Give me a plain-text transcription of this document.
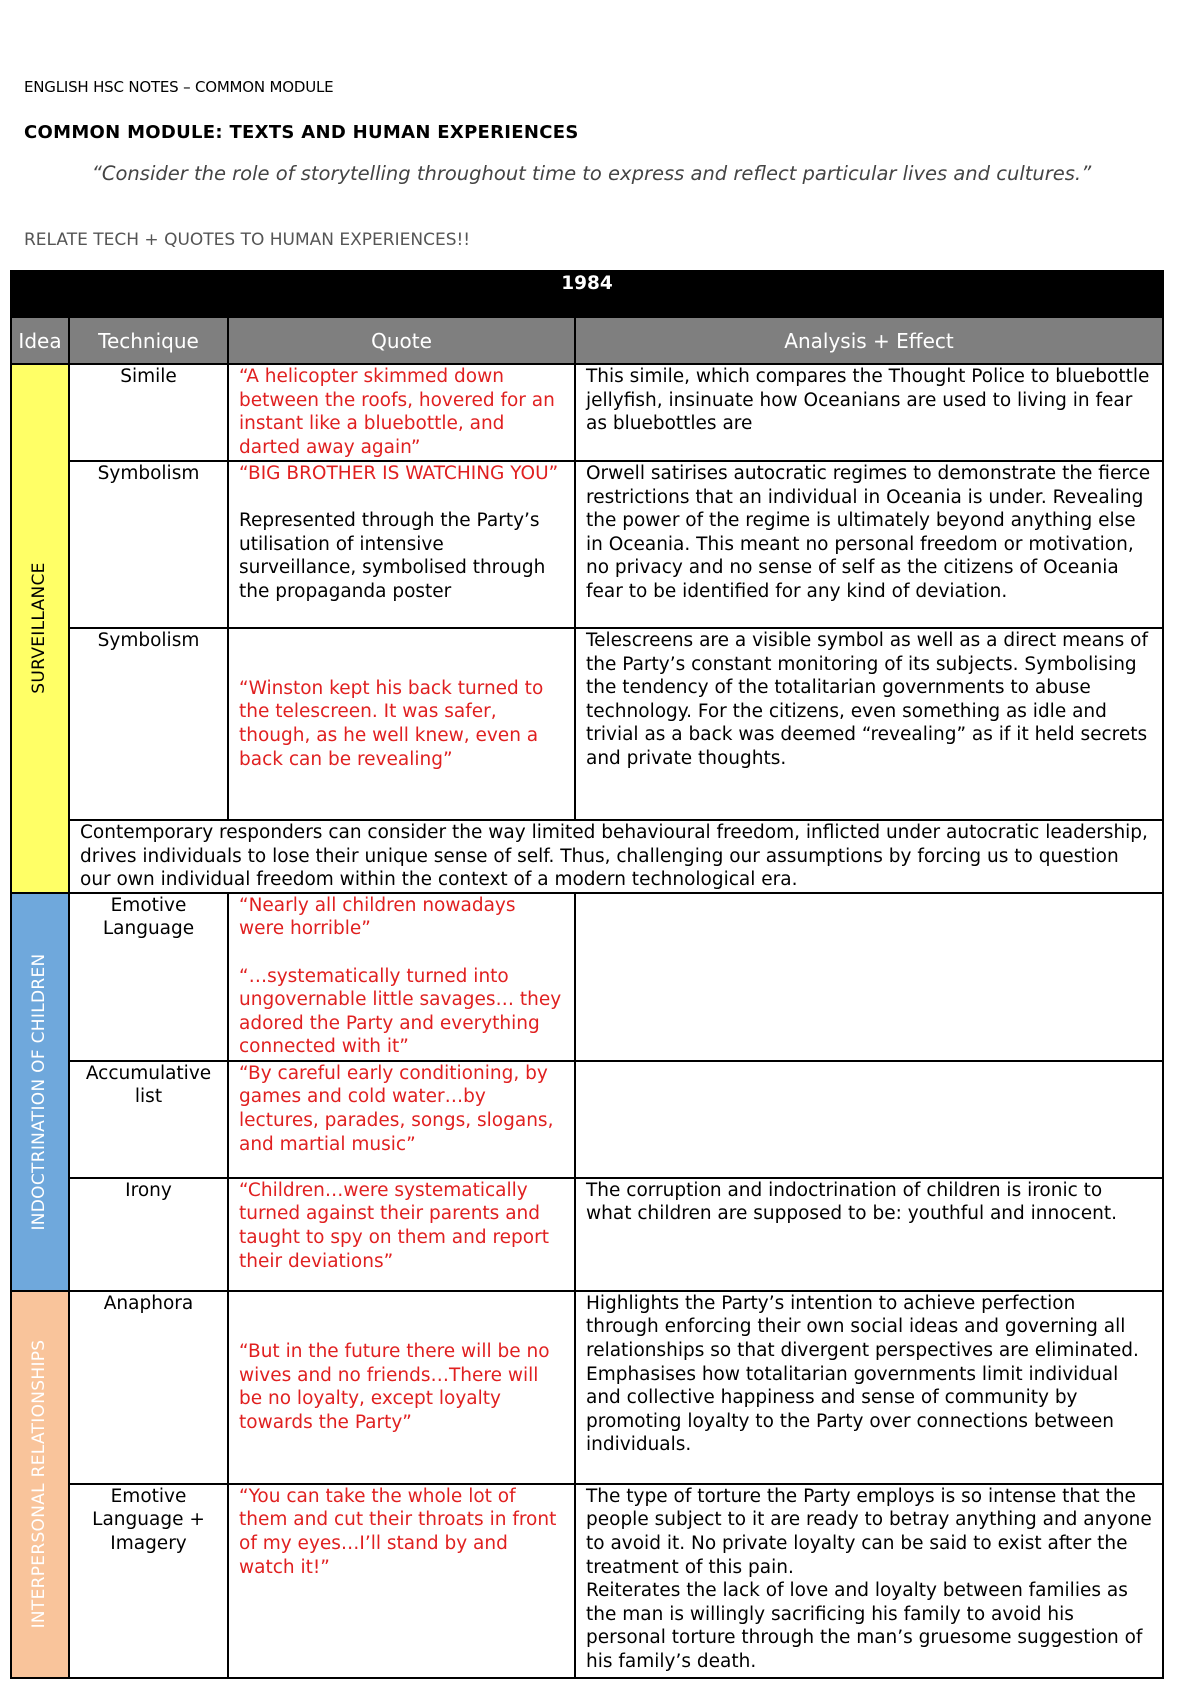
ENGLISH HSC NOTES – COMMON MODULE
COMMON MODULE: TEXTS AND HUMAN EXPERIENCES
“Consider the role of storytelling throughout time to express and reflect particular lives and cultures.”
RELATE TECH + QUOTES TO HUMAN EXPERIENCES!!
1984			
Idea	Technique	Quote	Analysis + Effect

SURVEILLANCE	Simile	“A helicopter skimmed down between the roofs, hovered for an instant like a bluebottle, and darted away again”	This simile, which compares the Thought Police to bluebottle jellyfish, insinuate how Oceanians are used to living in fear as bluebottles are
	Symbolism	“BIG BROTHER IS WATCHING YOU”
Represented through the Party’s utilisation of intensive surveillance, symbolised through the propaganda poster	Orwell satirises autocratic regimes to demonstrate the fierce restrictions that an individual in Oceania is under. Revealing the power of the regime is ultimately beyond anything else in Oceania. This meant no personal freedom or motivation, no privacy and no sense of self as the citizens of Oceania fear to be identified for any kind of deviation.
	Symbolism	“Winston kept his back turned to the telescreen. It was safer, though, as he well knew, even a back can be revealing”	Telescreens are a visible symbol as well as a direct means of the Party’s constant monitoring of its subjects. Symbolising the tendency of the totalitarian governments to abuse technology. For the citizens, even something as idle and trivial as a back was deemed “revealing” as if it held secrets and private thoughts.
	Contemporary responders can consider the way limited behavioural freedom, inflicted under autocratic leadership, drives individuals to lose their unique sense of self. Thus, challenging our assumptions by forcing us to question our own individual freedom within the context of a modern technological era.		

INDOCTRINATION OF CHILDREN	Emotive Language	“Nearly all children nowadays were horrible”
“…systematically turned into ungovernable little savages… they adored the Party and everything connected with it”	

	Accumulative list	“By careful early conditioning, by games and cold water…by lectures, parades, songs, slogans, and martial music”	
	Irony	“Children…were systematically turned against their parents and taught to spy on them and report their deviations”	The corruption and indoctrination of children is ironic to what children are supposed to be: youthful and innocent.

INTERPERSONAL RELATIONSHIPS	Anaphora	“But in the future there will be no wives and no friends…There will be no loyalty, except loyalty towards the Party”	Highlights the Party’s intention to achieve perfection through enforcing their own social ideas and governing all relationships so that divergent perspectives are eliminated.
Emphasises how totalitarian governments limit individual and collective happiness and sense of community by promoting loyalty to the Party over connections between individuals.

	Emotive Language + Imagery	“You can take the whole lot of them and cut their throats in front of my eyes…I’ll stand by and watch it!”	The type of torture the Party employs is so intense that the people subject to it are ready to betray anything and anyone to avoid it. No private loyalty can be said to exist after the treatment of this pain.
Reiterates the lack of love and loyalty between families as the man is willingly sacrificing his family to avoid his personal torture through the man’s gruesome suggestion of his family’s death.
